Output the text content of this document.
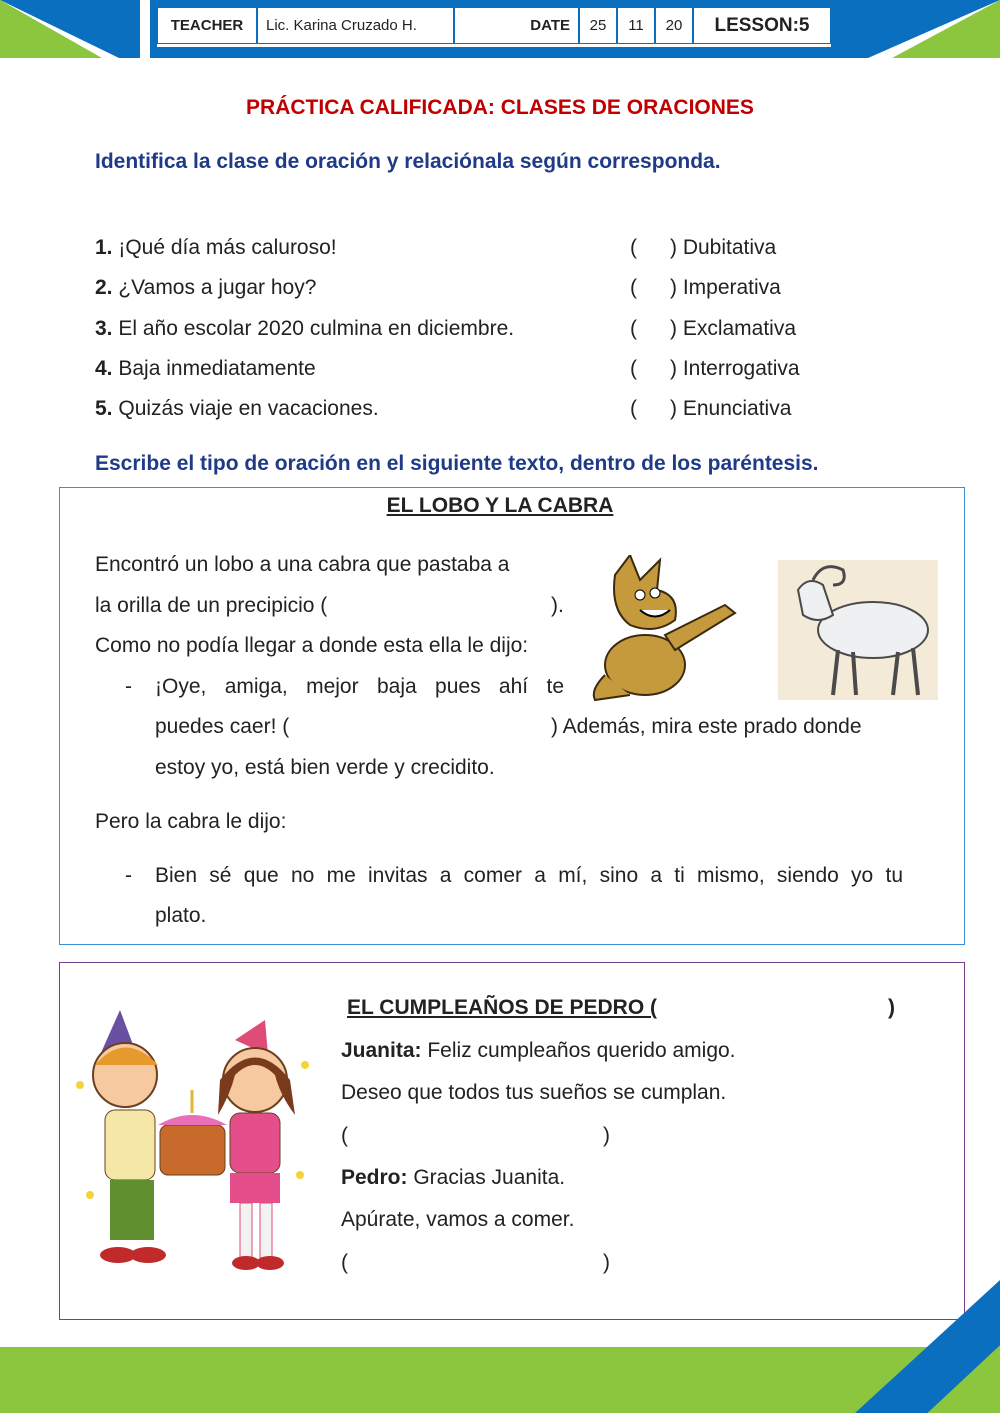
TEACHER	Lic. Karina Cruzado H.	DATE	25	11	20	LESSON:5
PRÁCTICA CALIFICADA: CLASES DE ORACIONES
Identifica la clase de oración y relaciónala según corresponda.
1. ¡Qué día más caluroso!	( ) Dubitativa
2. ¿Vamos a jugar hoy?	( ) Imperativa
3. El año escolar 2020 culmina en diciembre.	( ) Exclamativa
4. Baja inmediatamente	( ) Interrogativa
5. Quizás viaje en vacaciones.	( ) Enunciativa
Escribe el tipo de oración en el siguiente texto, dentro de los paréntesis.
EL LOBO Y LA CABRA
Encontró un lobo a una cabra que pastaba a
la orilla de un precipicio (	).
Como no podía llegar a donde esta ella le dijo:
- ¡Oye, amiga, mejor baja pues ahí te
puedes caer! (	) Además, mira este prado donde
estoy yo, está bien verde y crecidito.
Pero la cabra le dijo:
- Bien sé que no me invitas a comer a mí, sino a ti mismo, siendo yo tu
plato.
EL CUMPLEAÑOS DE PEDRO (	)
Juanita: Feliz cumpleaños querido amigo.
Deseo que todos tus sueños se cumplan.
(	)
Pedro: Gracias Juanita.
Apúrate, vamos a comer.
(	)
